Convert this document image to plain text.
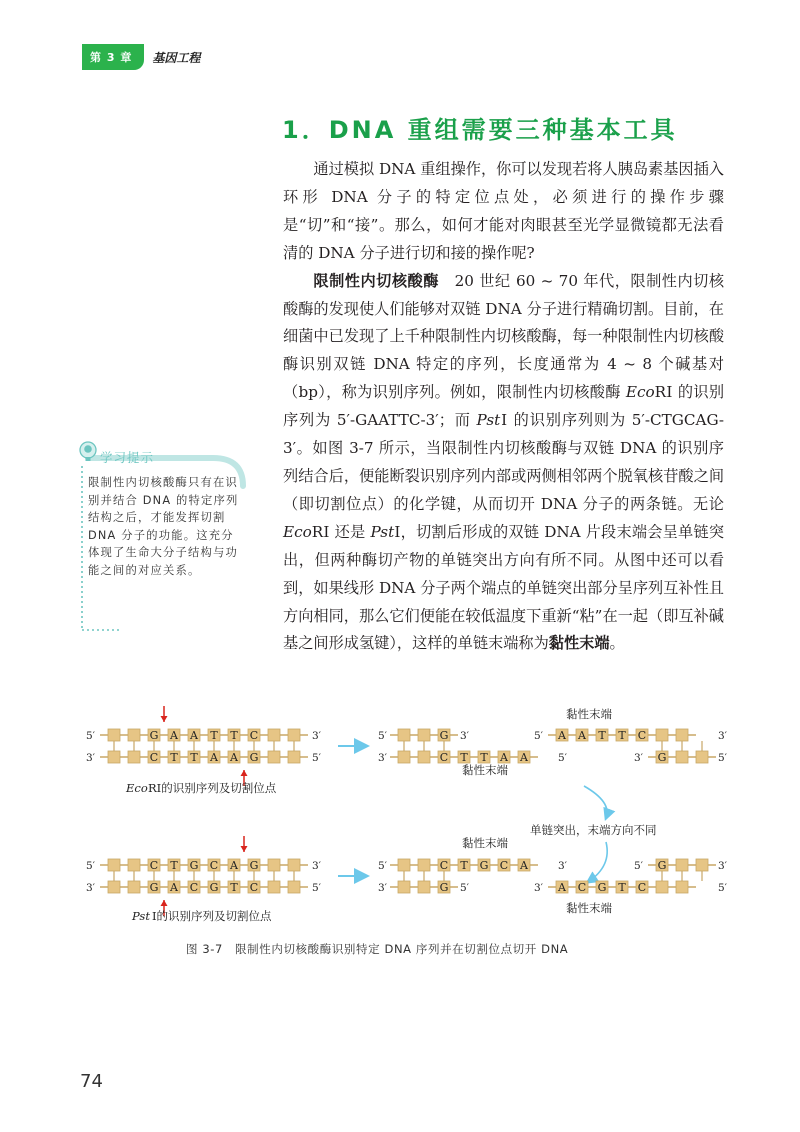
第 3 章	基因工程
1．DNA 重组需要三种基本工具

通过模拟 DNA 重组操作，你可以发现若将人胰岛素基因插入环形 DNA 分子的特定位点处，必须进行的操作步骤是“切”和“接”。那么，如何才能对肉眼甚至光学显微镜都无法看清的 DNA 分子进行切和接的操作呢?

限制性内切核酸酶　20 世纪 60 ~ 70 年代，限制性内切核酸酶的发现使人们能够对双链 DNA 分子进行精确切割。目前，在细菌中已发现了上千种限制性内切核酸酶，每一种限制性内切核酸酶识别双链 DNA 特定的序列，长度通常为 4 ~ 8 个碱基对（bp），称为识别序列。例如，限制性内切核酸酶 EcoRⅠ 的识别序列为 5′-GAATTC-3′；而 PstⅠ 的识别序列则为 5′-CTGCAG-3′。如图 3-7 所示，当限制性内切核酸酶与双链 DNA 的识别序列结合后，便能断裂识别序列内部或两侧相邻两个脱氧核苷酸之间（即切割位点）的化学键，从而切开 DNA 分子的两条链。无论 EcoRⅠ 还是 PstⅠ，切割后形成的双链 DNA 片段末端会呈单链突出，但两种酶切产物的单链突出方向有所不同。从图中还可以看到，如果线形 DNA 分子两个端点的单链突出部分呈序列互补性且方向相同，那么它们便能在较低温度下重新“粘”在一起（即互补碱基之间形成氢键），这样的单链末端称为黏性末端。

学习提示
限制性内切核酸酶只有在识别并结合 DNA 的特定序列结构之后，才能发挥切割 DNA 分子的功能。这充分体现了生命大分子结构与功能之间的对应关系。
5′
3′
G A A T T C
C T T A A G
3′
5′
Eco RⅠ的识别序列及切割位点
5′
3′
G
C T T A A
3′
5′
黏性末端
5′ A A T T C
G
3′
3′
5′
黏性末端
单链突出，末端方向不同
5′
3′
C T G C A G
G A C G T C
3′
5′
Pst Ⅰ的识别序列及切割位点
5′
3′
C T G C A
G
3′
5′
黏性末端
5′ G
3′ A C G T C
3′
5′
黏性末端
图 3-7　限制性内切核酸酶识别特定 DNA 序列并在切割位点切开 DNA
74
